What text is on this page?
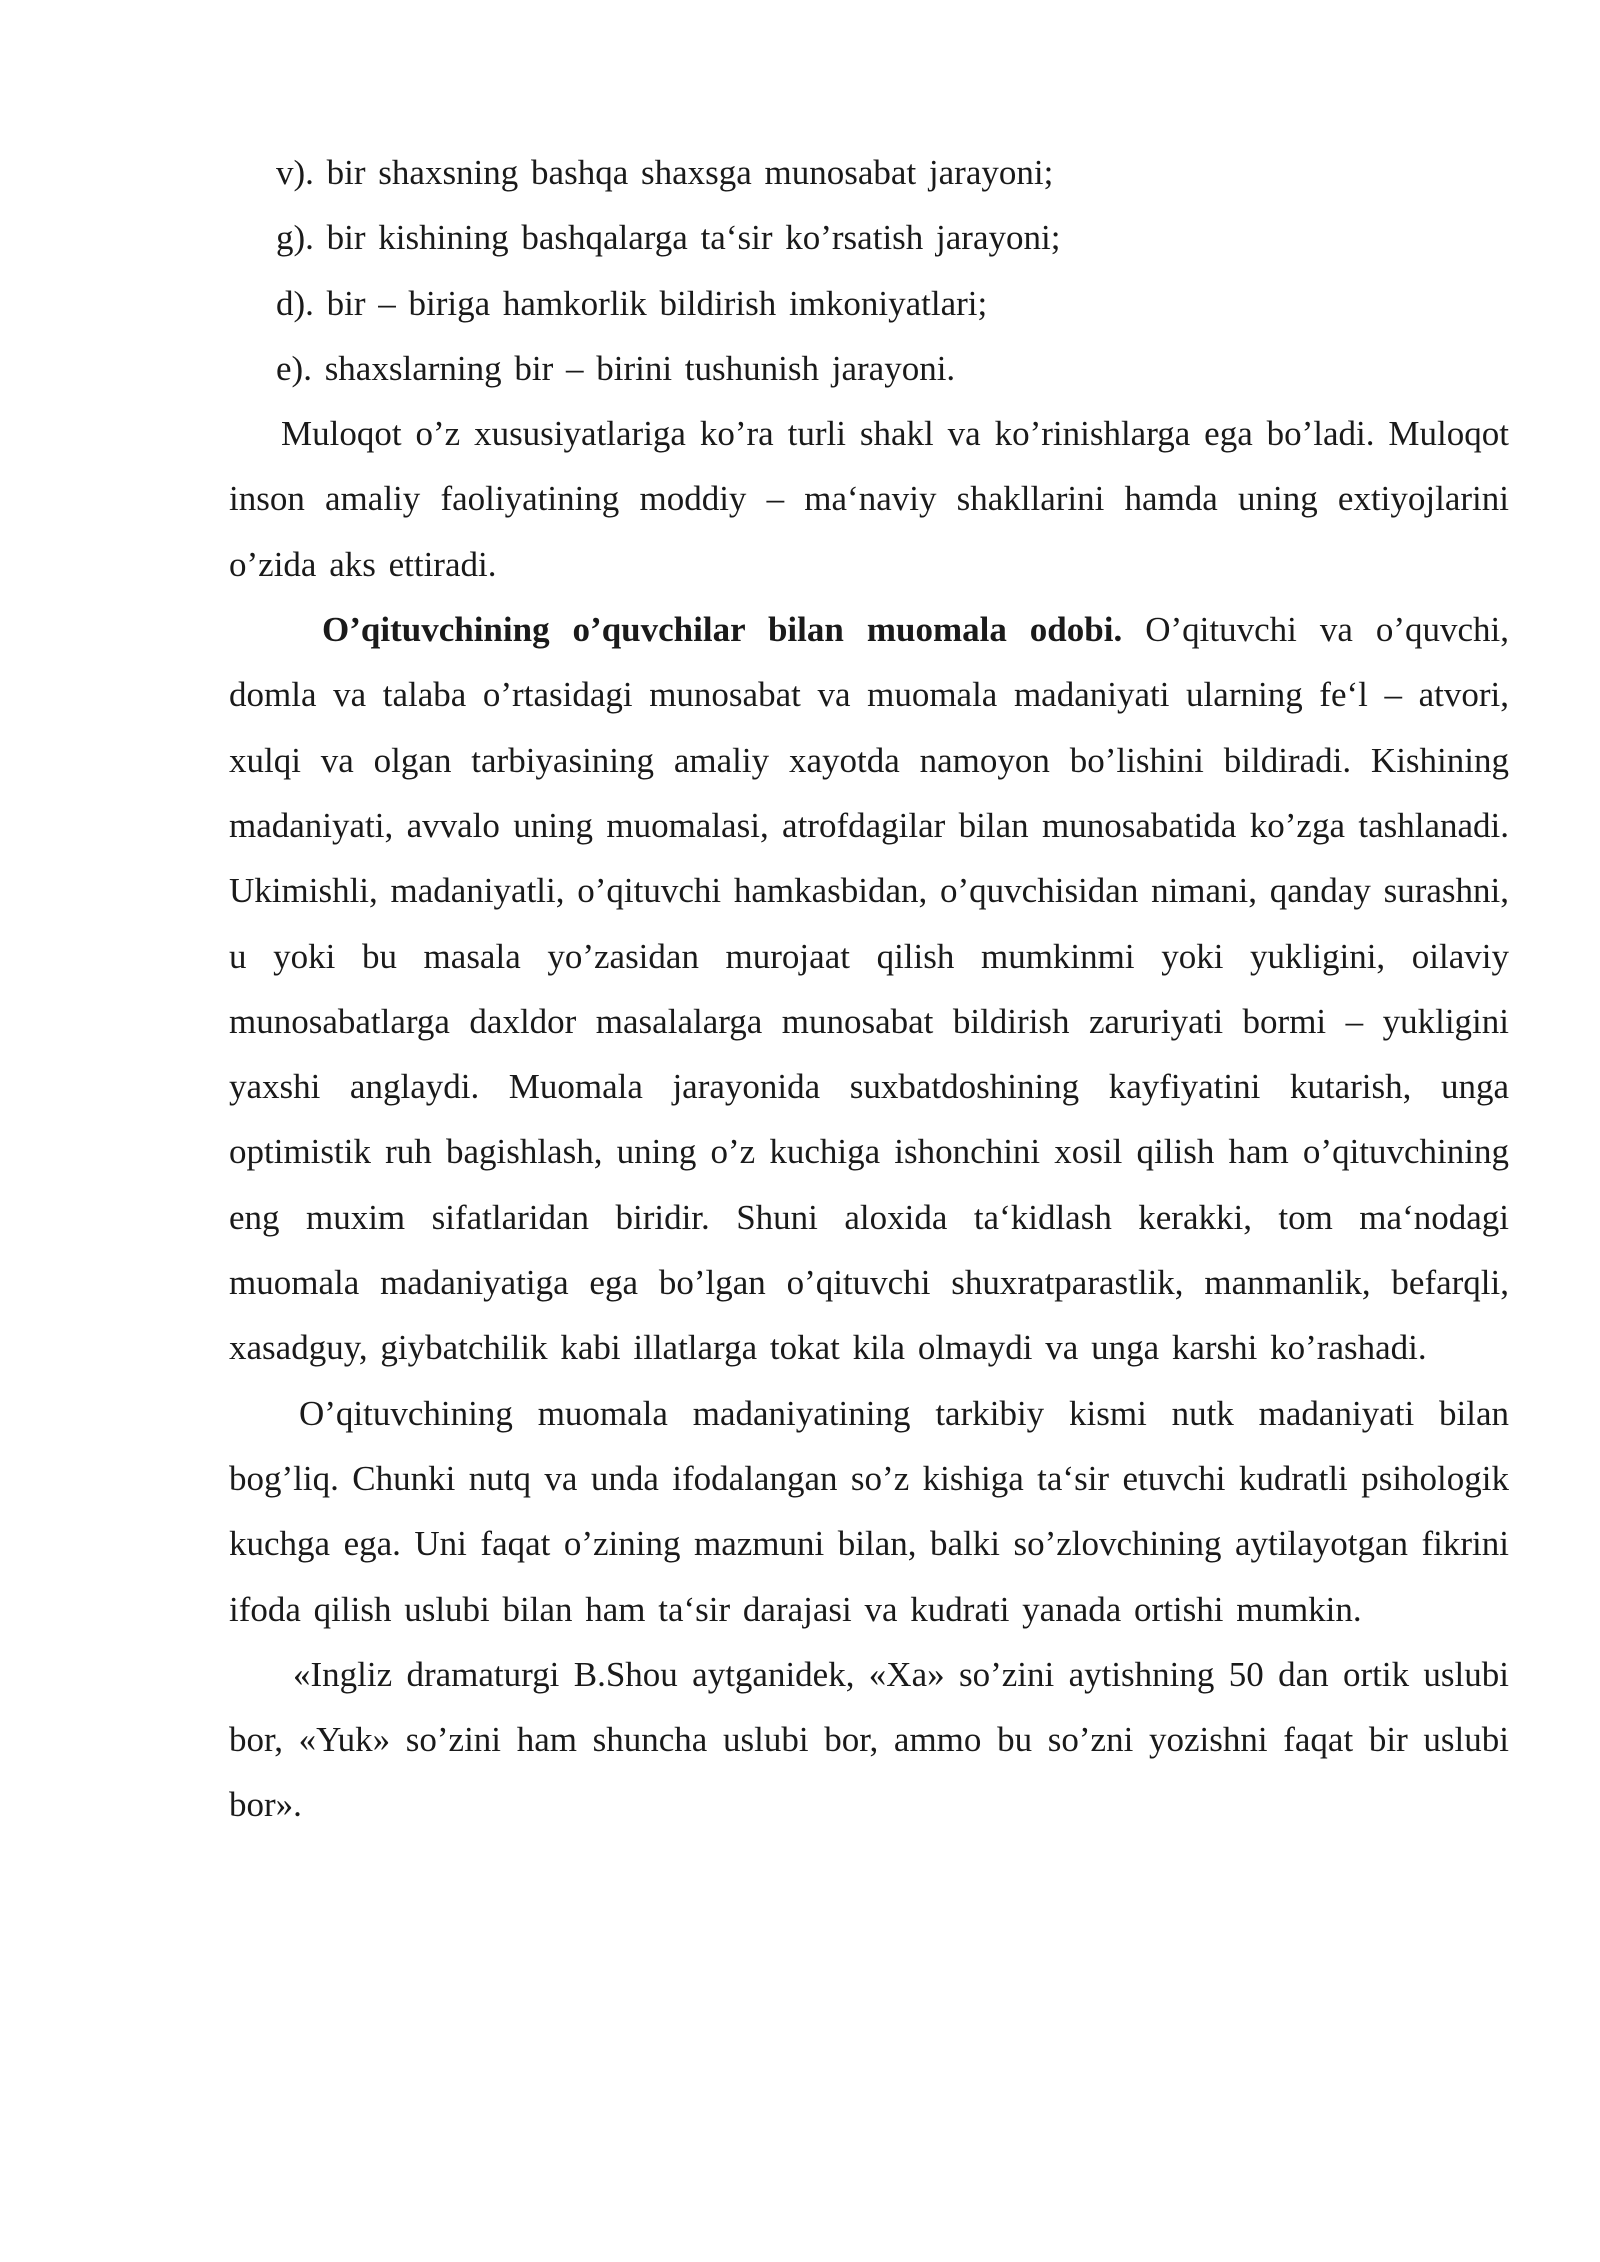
v). bir shaxsning bashqa shaxsga munosabat jarayoni;

g). bir kishining bashqalarga ta‘sir ko’rsatish jarayoni;

d). bir – biriga hamkorlik bildirish imkoniyatlari;

e). shaxslarning bir – birini tushunish jarayoni.

Muloqot o’z xususiyatlariga ko’ra turli shakl va ko’rinishlarga ega bo’ladi. Muloqot inson amaliy faoliyatining moddiy – ma‘naviy shakllarini hamda uning extiyojlarini o’zida aks ettiradi.

O’qituvchining o’quvchilar bilan muomala odobi. O’qituvchi va o’quvchi, domla va talaba o’rtasidagi munosabat va muomala madaniyati ularning fe‘l – atvori, xulqi va olgan tarbiyasining amaliy xayotda namoyon bo’lishini bildiradi. Kishining madaniyati, avvalo uning muomalasi, atrofdagilar bilan munosabatida ko’zga tashlanadi. Ukimishli, madaniyatli, o’qituvchi hamkasbidan, o’quvchisidan nimani, qanday surashni, u yoki bu masala yo’zasidan murojaat qilish mumkinmi yoki yukligini, oilaviy munosabatlarga daxldor masalalarga munosabat bildirish zaruriyati bormi – yukligini yaxshi anglaydi. Muomala jarayonida suxbatdoshining kayfiyatini kutarish, unga optimistik ruh bagishlash, uning o’z kuchiga ishonchini xosil qilish ham o’qituvchining eng muxim sifatlaridan biridir. Shuni aloxida ta‘kidlash kerakki, tom ma‘nodagi muomala madaniyatiga ega bo’lgan o’qituvchi shuxratparastlik, manmanlik, befarqli, xasadguy, giybatchilik kabi illatlarga tokat kila olmaydi va unga karshi ko’rashadi.

O’qituvchining muomala madaniyatining tarkibiy kismi nutk madaniyati bilan bog’liq. Chunki nutq va unda ifodalangan so’z kishiga ta‘sir etuvchi kudratli psihologik kuchga ega. Uni faqat o’zining mazmuni bilan, balki so’zlovchining aytilayotgan fikrini ifoda qilish uslubi bilan ham ta‘sir darajasi va kudrati yanada ortishi mumkin.

«Ingliz dramaturgi B.Shou aytganidek, «Xa» so’zini aytishning 50 dan ortik uslubi bor, «Yuk» so’zini ham shuncha uslubi bor, ammo bu so’zni yozishni faqat bir uslubi bor».
